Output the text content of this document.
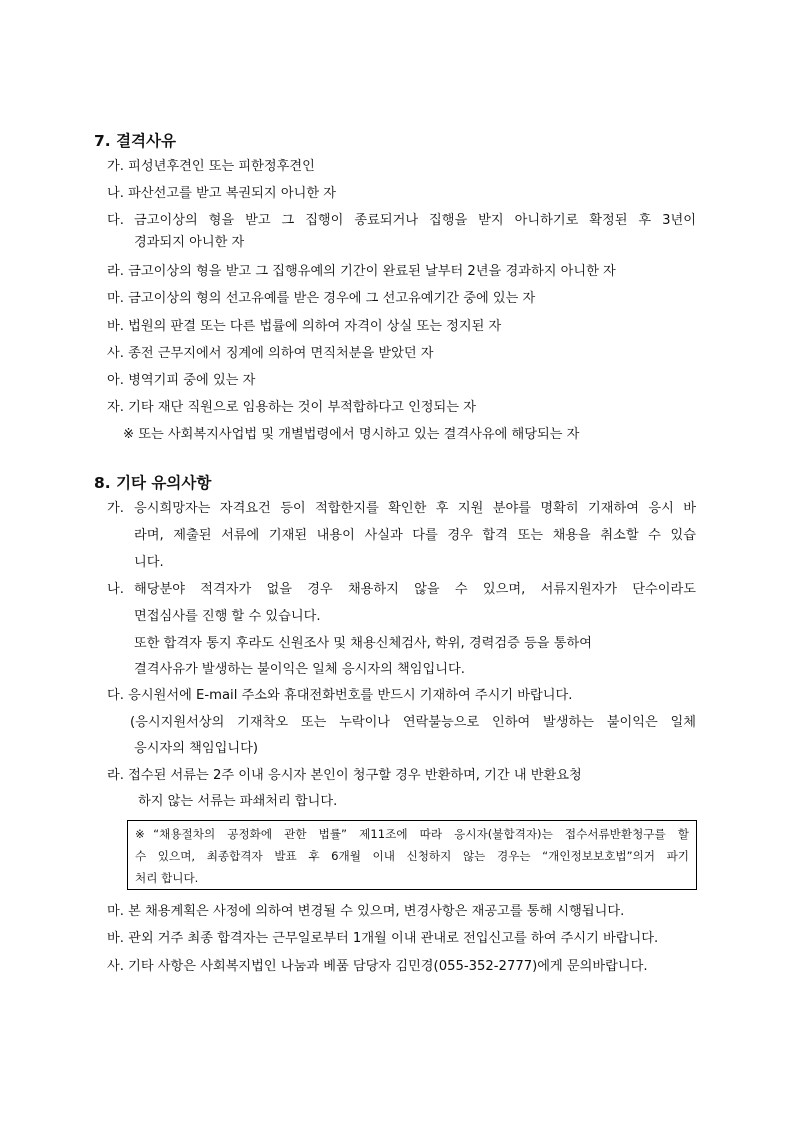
7. 결격사유
가. 피성년후견인 또는 피한정후견인
나. 파산선고를 받고 복권되지 아니한 자
다. 금고이상의 형을 받고 그 집행이 종료되거나 집행을 받지 아니하기로 확정된 후 3년이
경과되지 아니한 자
라. 금고이상의 형을 받고 그 집행유예의 기간이 완료된 날부터 2년을 경과하지 아니한 자
마. 금고이상의 형의 선고유예를 받은 경우에 그 선고유예기간 중에 있는 자
바. 법원의 판결 또는 다른 법률에 의하여 자격이 상실 또는 정지된 자
사. 종전 근무지에서 징계에 의하여 면직처분을 받았던 자
아. 병역기피 중에 있는 자
자. 기타 재단 직원으로 임용하는 것이 부적합하다고 인정되는 자
※ 또는 사회복지사업법 및 개별법령에서 명시하고 있는 결격사유에 해당되는 자
8. 기타 유의사항
가. 응시희망자는 자격요건 등이 적합한지를 확인한 후 지원 분야를 명확히 기재하여 응시 바
라며, 제출된 서류에 기재된 내용이 사실과 다를 경우 합격 또는 채용을 취소할 수 있습
니다.
나. 해당분야 적격자가 없을 경우 채용하지 않을 수 있으며, 서류지원자가 단수이라도
면접심사를 진행 할 수 있습니다.
또한 합격자 통지 후라도 신원조사 및 채용신체검사, 학위, 경력검증 등을 통하여
결격사유가 발생하는 불이익은 일체 응시자의 책임입니다.
다. 응시원서에 E-mail 주소와 휴대전화번호를 반드시 기재하여 주시기 바랍니다.
(응시지원서상의 기재착오 또는 누락이나 연락불능으로 인하여 발생하는 불이익은 일체
응시자의 책임입니다)
라. 접수된 서류는 2주 이내 응시자 본인이 청구할 경우 반환하며, 기간 내 반환요청
하지 않는 서류는 파쇄처리 합니다.
※“채용절차의 공정화에 관한 법률” 제11조에 따라 응시자(불합격자)는 접수서류반환청구를 할
수 있으며, 최종합격자 발표 후 6개월 이내 신청하지 않는 경우는 “개인정보보호법”의거 파기
처리 합니다.
마. 본 채용계획은 사정에 의하여 변경될 수 있으며, 변경사항은 재공고를 통해 시행됩니다.
바. 관외 거주 최종 합격자는 근무일로부터 1개월 이내 관내로 전입신고를 하여 주시기 바랍니다.
사. 기타 사항은 사회복지법인 나눔과 베품 담당자 김민경(055-352-2777)에게 문의바랍니다.
